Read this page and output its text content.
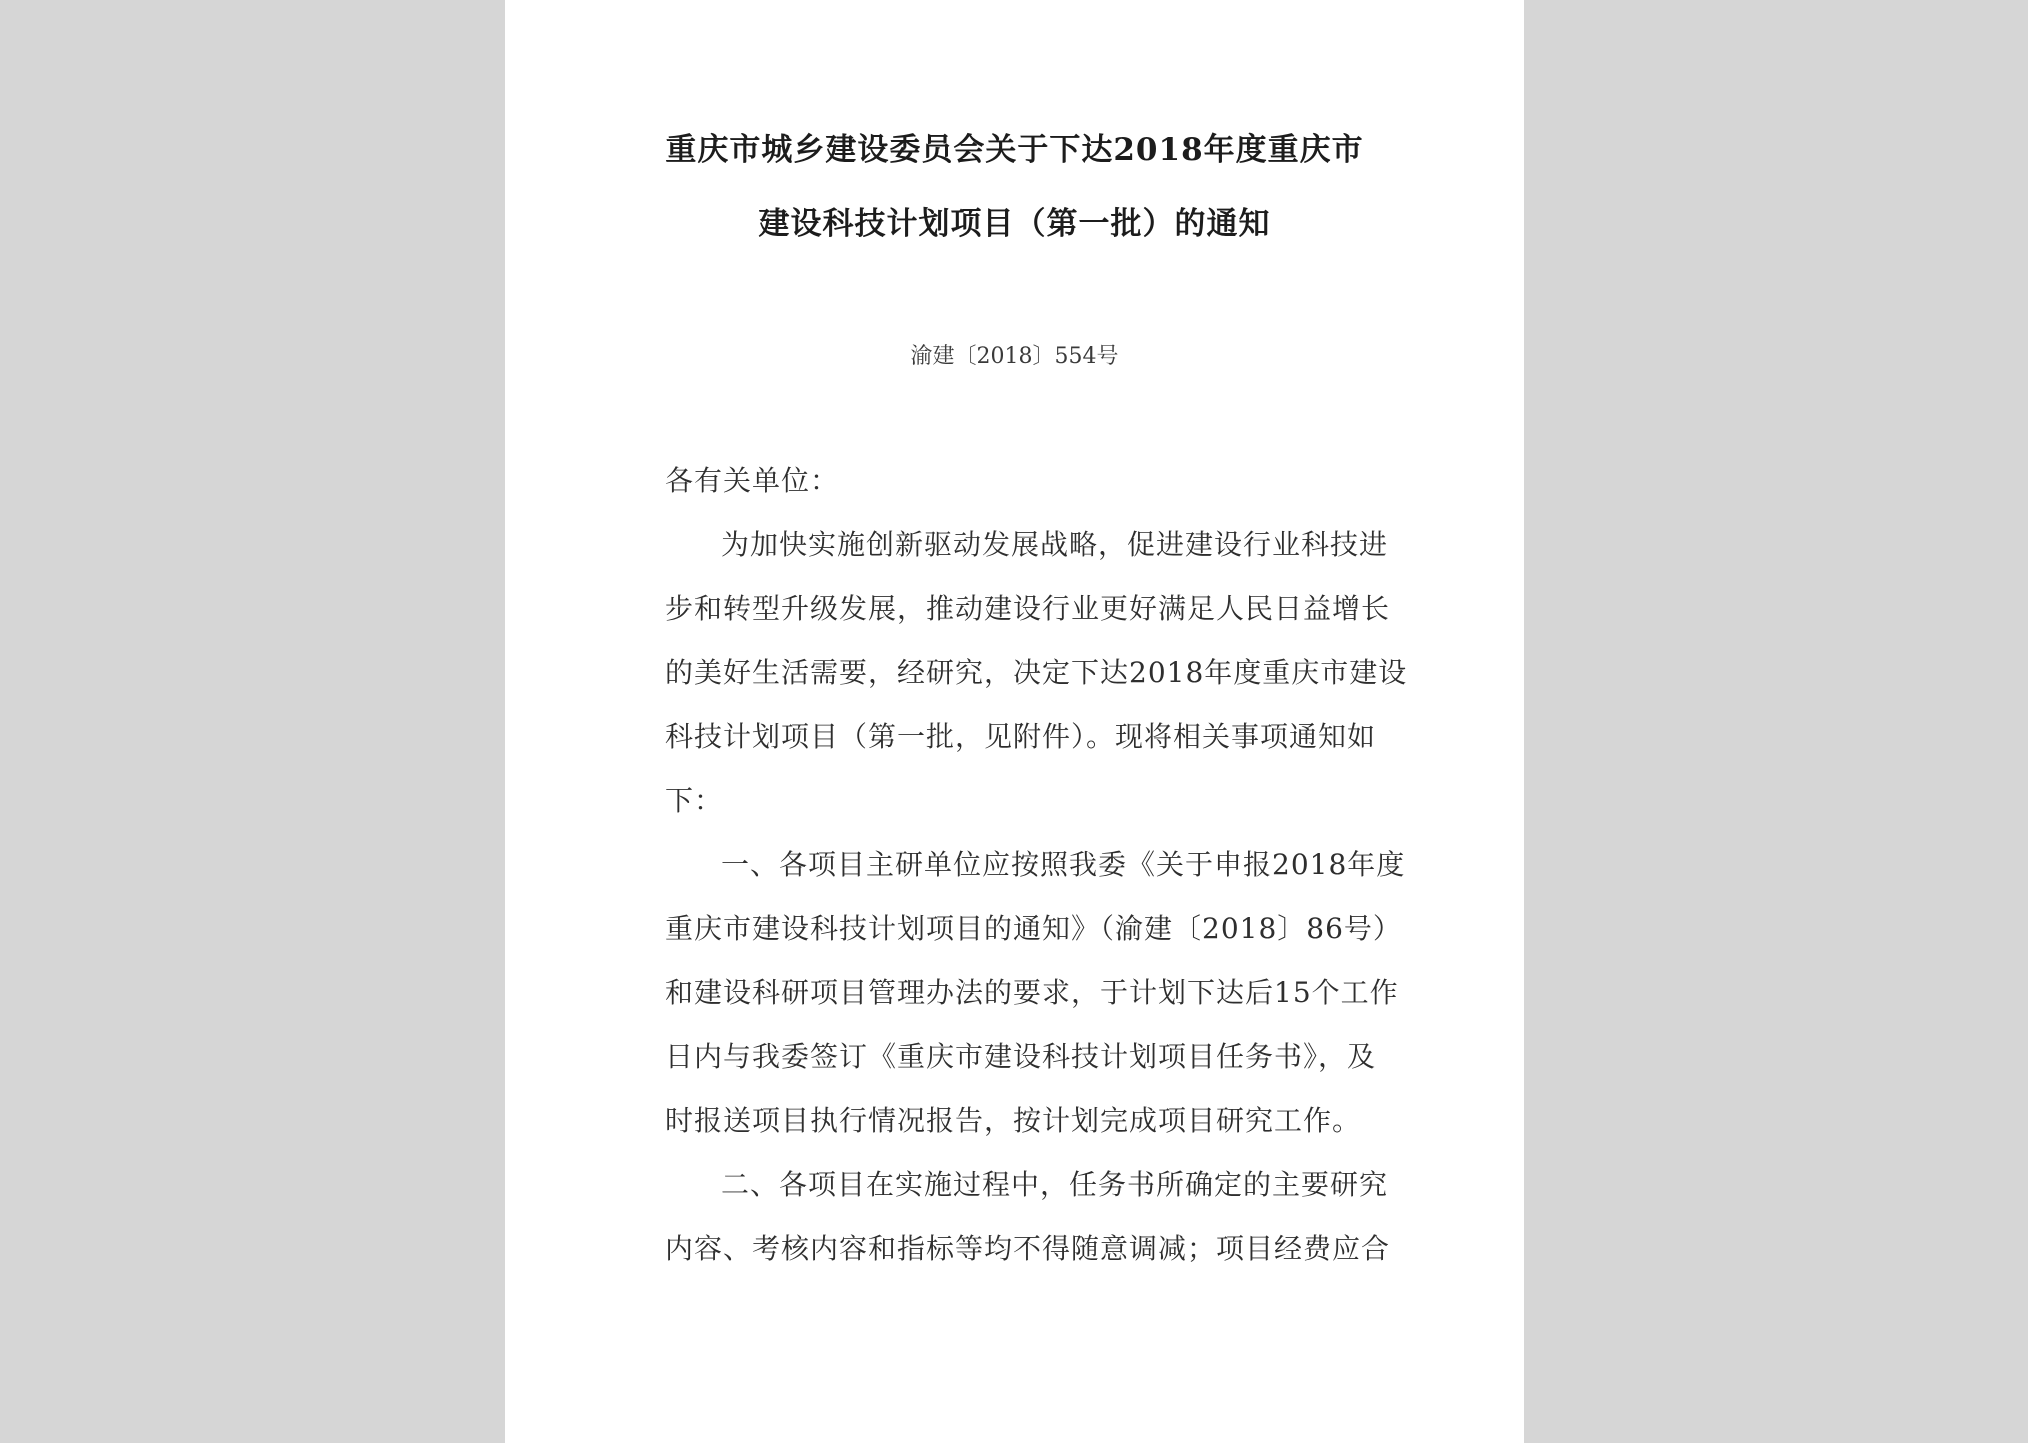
重庆市城乡建设委员会关于下达2018年度重庆市
建设科技计划项目（第一批）的通知
渝建〔2018〕554号
各有关单位：
为加快实施创新驱动发展战略，促进建设行业科技进
步和转型升级发展，推动建设行业更好满足人民日益增长
的美好生活需要，经研究，决定下达2018年度重庆市建设
科技计划项目（第一批，见附件）。现将相关事项通知如
下：
一、各项目主研单位应按照我委《关于申报2018年度
重庆市建设科技计划项目的通知》（渝建〔2018〕86号）
和建设科研项目管理办法的要求，于计划下达后15个工作
日内与我委签订《重庆市建设科技计划项目任务书》，及
时报送项目执行情况报告，按计划完成项目研究工作。
二、各项目在实施过程中，任务书所确定的主要研究
内容、考核内容和指标等均不得随意调减；项目经费应合
